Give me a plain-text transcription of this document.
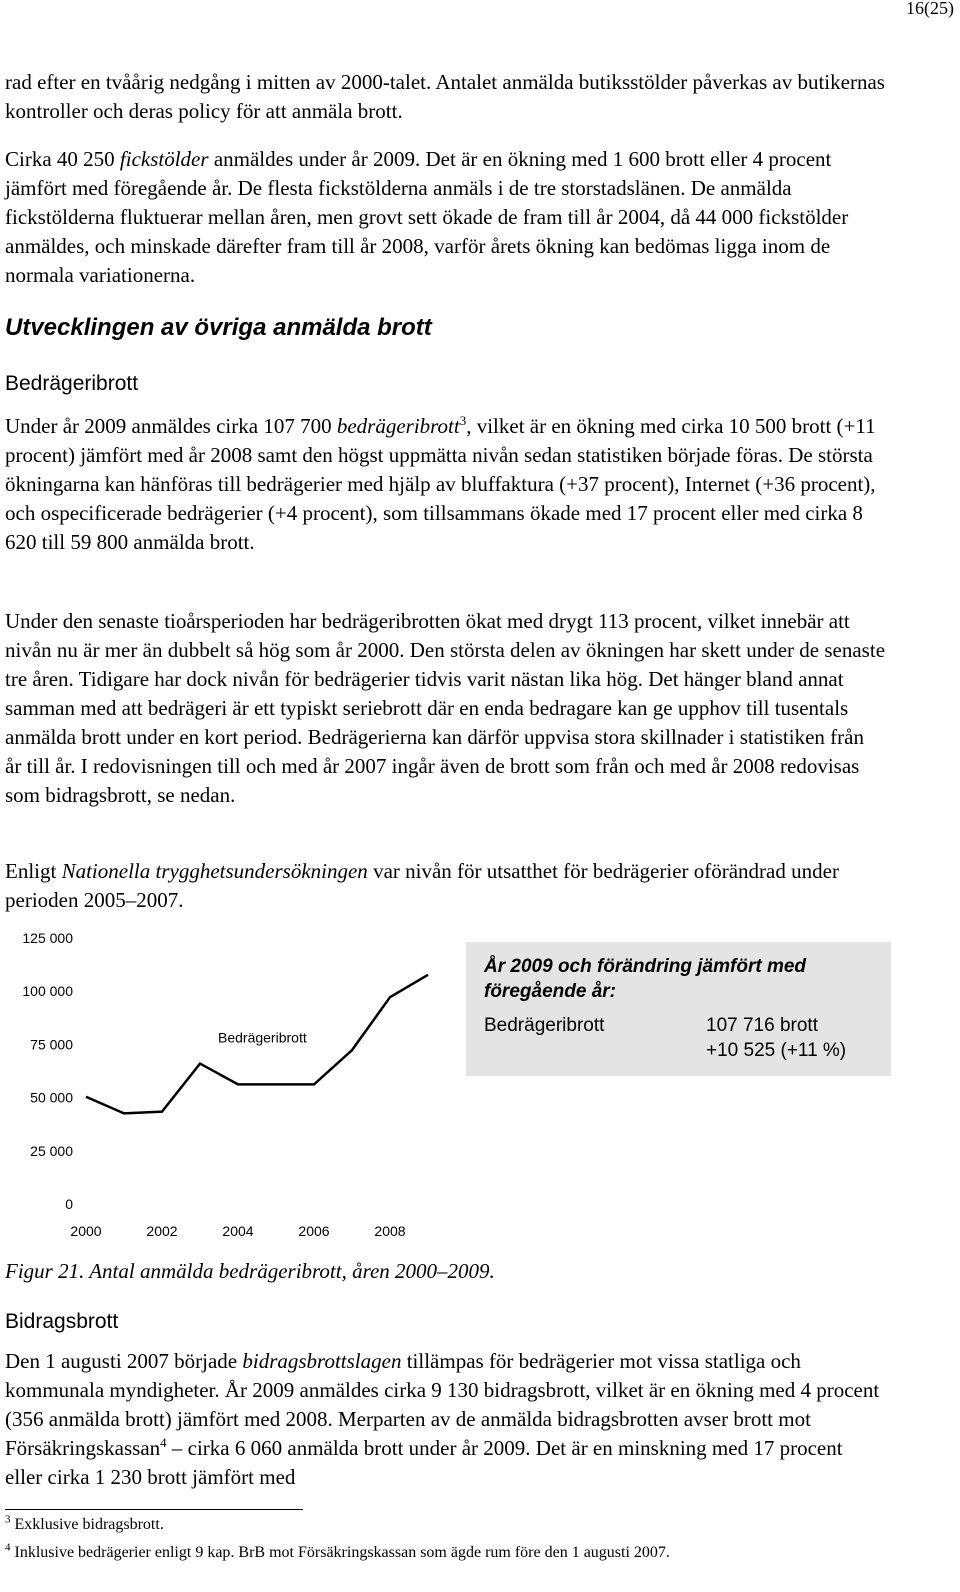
16(25)

rad efter en tvåårig nedgång i mitten av 2000-talet. Antalet anmälda butiksstölder påverkas av butikernas kontroller och deras policy för att anmäla brott.

Cirka 40 250 fickstölder anmäldes under år 2009. Det är en ökning med 1 600 brott eller 4 procent jämfört med föregående år. De flesta fickstölderna anmäls i de tre storstadslänen. De anmälda fickstölderna fluktuerar mellan åren, men grovt sett ökade de fram till år 2004, då 44 000 fickstölder anmäldes, och minskade därefter fram till år 2008, varför årets ökning kan bedömas ligga inom de normala variationerna.

Utvecklingen av övriga anmälda brott
Bedrägeribrott

Under år 2009 anmäldes cirka 107 700 bedrägeribrott$^3$, vilket är en ökning med cirka 10 500 brott (+11 procent) jämfört med år 2008 samt den högst uppmätta nivån sedan statistiken började föras. De största ökningarna kan hänföras till bedrägerier med hjälp av bluffaktura (+37 procent), Internet (+36 procent), och ospecificerade bedrägerier (+4 procent), som tillsammans ökade med 17 procent eller med cirka 8 620 till 59 800 anmälda brott.

Under den senaste tioårsperioden har bedrägeribrotten ökat med drygt 113 procent, vilket innebär att nivån nu är mer än dubbelt så hög som år 2000. Den största delen av ökningen har skett under de senaste tre åren. Tidigare har dock nivån för bedrägerier tidvis varit nästan lika hög. Det hänger bland annat samman med att bedrägeri är ett typiskt seriebrott där en enda bedragare kan ge upphov till tusentals anmälda brott under en kort period. Bedrägerierna kan därför uppvisa stora skillnader i statistiken från år till år. I redovisningen till och med år 2007 ingår även de brott som från och med år 2008 redovisas som bidragsbrott, se nedan.

Enligt Nationella trygghetsundersökningen var nivån för utsatthet för bedrägerier oförändrad under perioden 2005–2007.

125 000
100 000
75 000
50 000
25 000
0
2000	2002	2004	2006	2008
Bedrägeribrott
År 2009 och förändring jämfört med föregående år:
Bedrägeribrott	107 716 brott
+10 525 (+11 %)
Figur 21. Antal anmälda bedrägeribrott, åren 2000–2009.
Bidragsbrott

Den 1 augusti 2007 började bidragsbrottslagen tillämpas för bedrägerier mot vissa statliga och kommunala myndigheter. År 2009 anmäldes cirka 9 130 bidragsbrott, vilket är en ökning med 4 procent (356 anmälda brott) jämfört med 2008. Merparten av de anmälda bidragsbrotten avser brott mot Försäkringskassan$^4$ – cirka 6 060 anmälda brott under år 2009. Det är en minskning med 17 procent eller cirka 1 230 brott jämfört med

$^3$ Exklusive bidragsbrott.
$^4$ Inklusive bedrägerier enligt 9 kap. BrB mot Försäkringskassan som ägde rum före den 1 augusti 2007.
